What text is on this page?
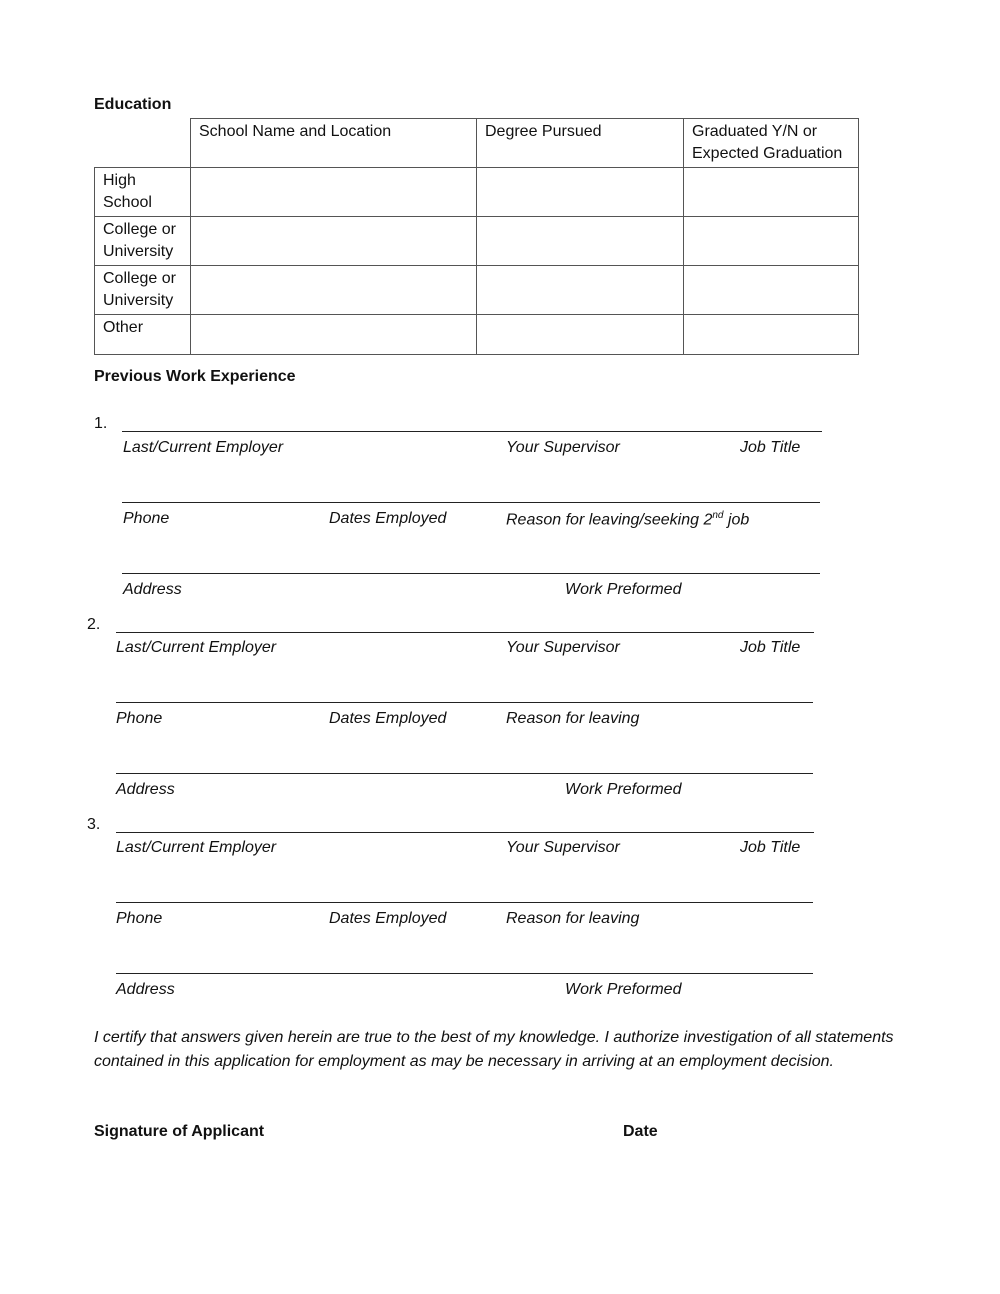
Education
	School Name and Location	Degree Pursued	Graduated Y/N or Expected Graduation
High School			
College or University			
College or University			
Other			
Previous Work Experience
1.
Last/Current Employer	Your Supervisor	Job Title
Phone	Dates Employed	Reason for leaving/seeking 2nd job
Address	Work Preformed
2.
Last/Current Employer	Your Supervisor	Job Title
Phone	Dates Employed	Reason for leaving
Address	Work Preformed
3.
Last/Current Employer	Your Supervisor	Job Title
Phone	Dates Employed	Reason for leaving
Address	Work Preformed
I certify that answers given herein are true to the best of my knowledge. I authorize investigation of all statements contained in this application for employment as may be necessary in arriving at an employment decision.
Signature of Applicant	Date
